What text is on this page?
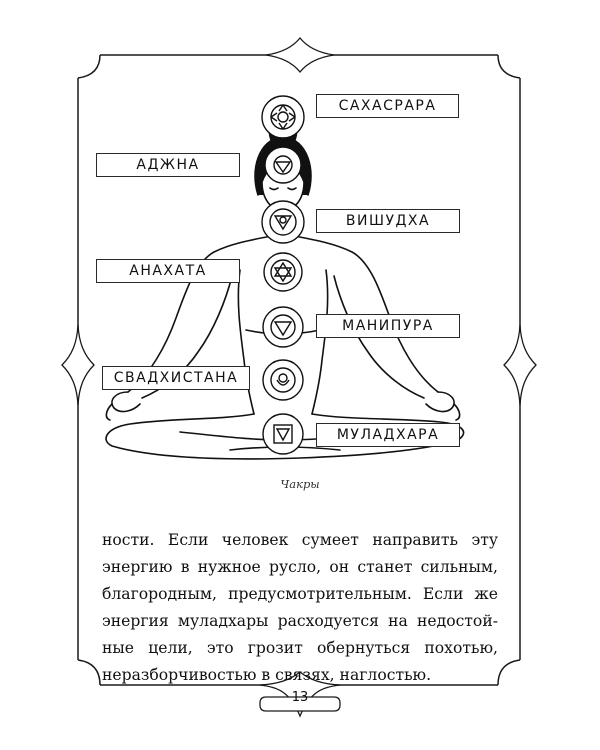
САХАСРАРА
АДЖНА
ВИШУДХА
АНАХАТА
МАНИПУРА
СВАДХИСТАНА
МУЛАДХАРА
Чакры

ности. Если человек сумеет направить эту
энергию в нужное русло, он станет сильным,
благородным, предусмотрительным. Если же
энергия муладхары расходуется на недостой-
ные цели, это грозит обернуться похотью,
неразборчивостью в связях, наглостью.

13
